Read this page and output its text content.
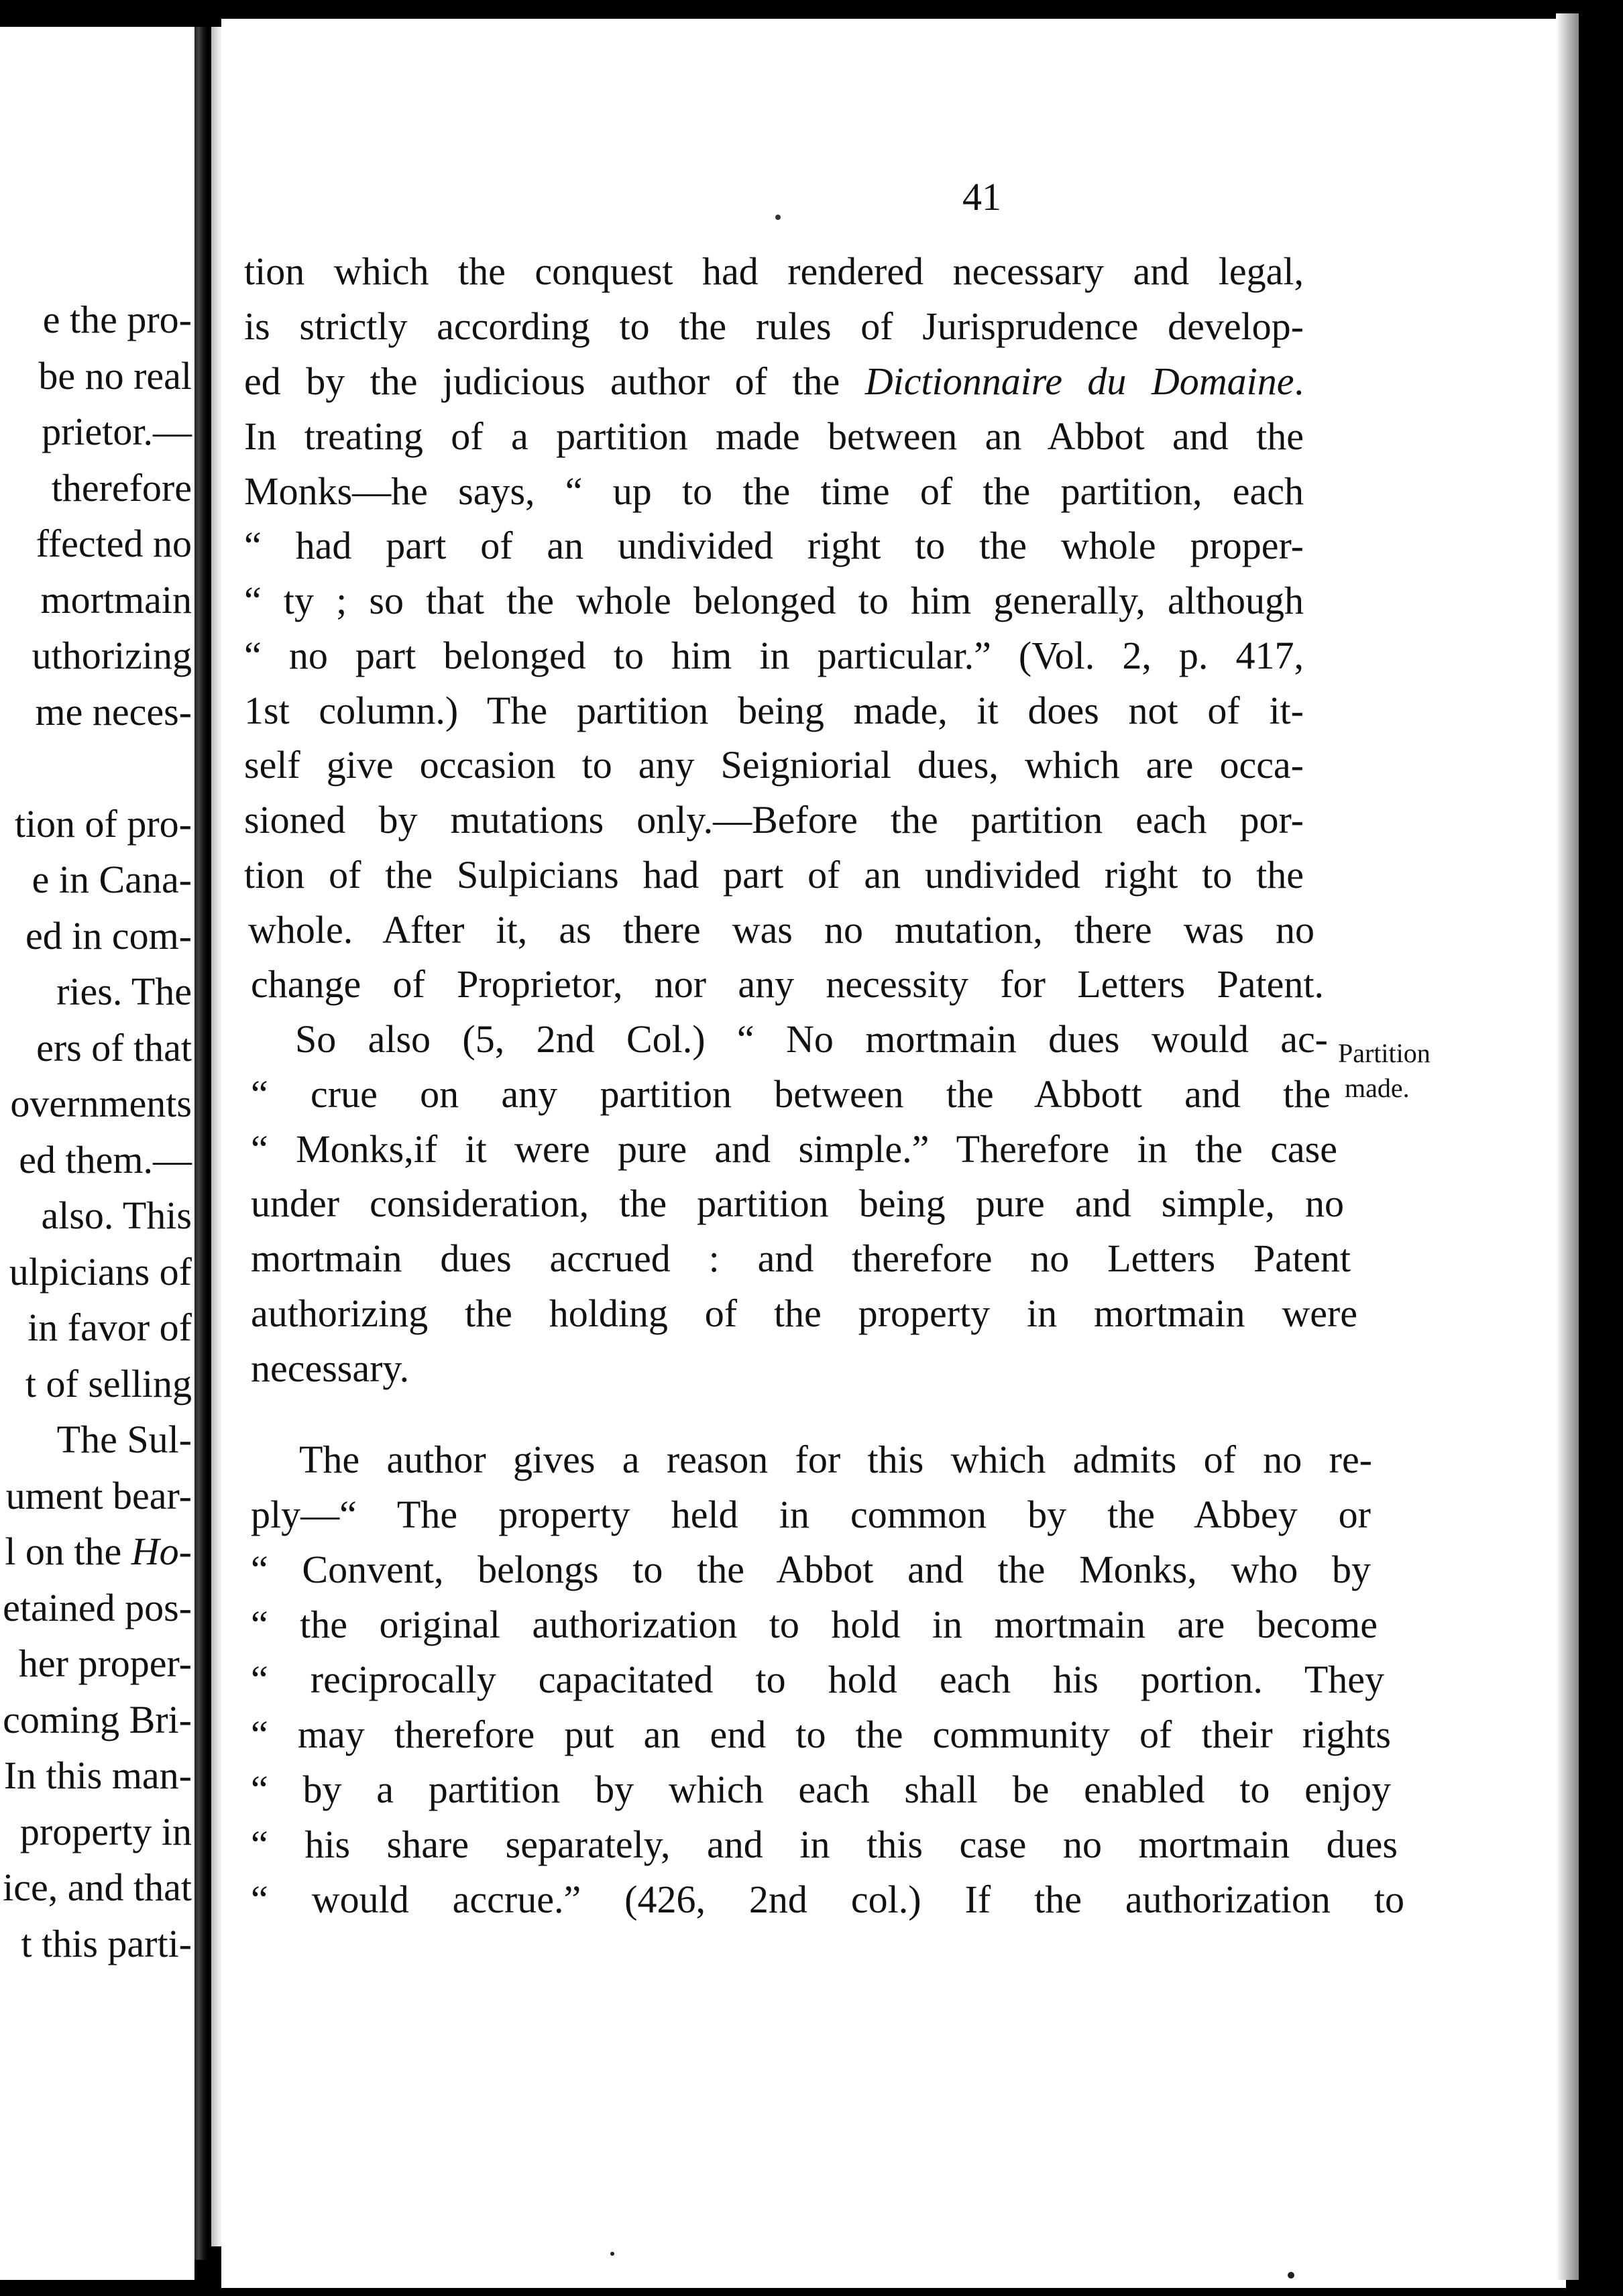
e the pro-
be no real
prietor.—
therefore
ffected no
mortmain
uthorizing
me neces-
tion of pro-
e in Cana-
ed in com-
ries. The
ers of that
overnments
ed them.—
also. This
ulpicians of
in favor of
t of selling
The Sul-
ument bear-
l on the Ho-
etained pos-
her proper-
coming Bri-
In this man-
property in
ice, and that
t this parti-
41
tion which the conquest had rendered necessary and legal,
is strictly according to the rules of Jurisprudence develop-
ed by the judicious author of the Dictionnaire du Domaine.
In treating of a partition made between an Abbot and the
Monks—he says, “ up to the time of the partition, each
“ had part of an undivided right to the whole proper-
“ ty ; so that the whole belonged to him generally, although
“ no part belonged to him in particular.” (Vol. 2, p. 417,
1st column.) The partition being made, it does not of it-
self give occasion to any Seigniorial dues, which are occa-
sioned by mutations only.—Before the partition each por-
tion of the Sulpicians had part of an undivided right to the
whole. After it, as there was no mutation, there was no
change of Proprietor, nor any necessity for Letters Patent.
So also (5, 2nd Col.) “ No mortmain dues would ac-
“ crue on any partition between the Abbott and the
“ Monks,if it were pure and simple.” Therefore in the case
under consideration, the partition being pure and simple, no
mortmain dues accrued : and therefore no Letters Patent
authorizing the holding of the property in mortmain were
necessary.
The author gives a reason for this which admits of no re-
ply—“ The property held in common by the Abbey or
“ Convent, belongs to the Abbot and the Monks, who by
“ the original authorization to hold in mortmain are become
“ reciprocally capacitated to hold each his portion. They
“ may therefore put an end to the community of their rights
“ by a partition by which each shall be enabled to enjoy
“ his share separately, and in this case no mortmain dues
“ would accrue.” (426, 2nd col.) If the authorization to
Partition
made.
